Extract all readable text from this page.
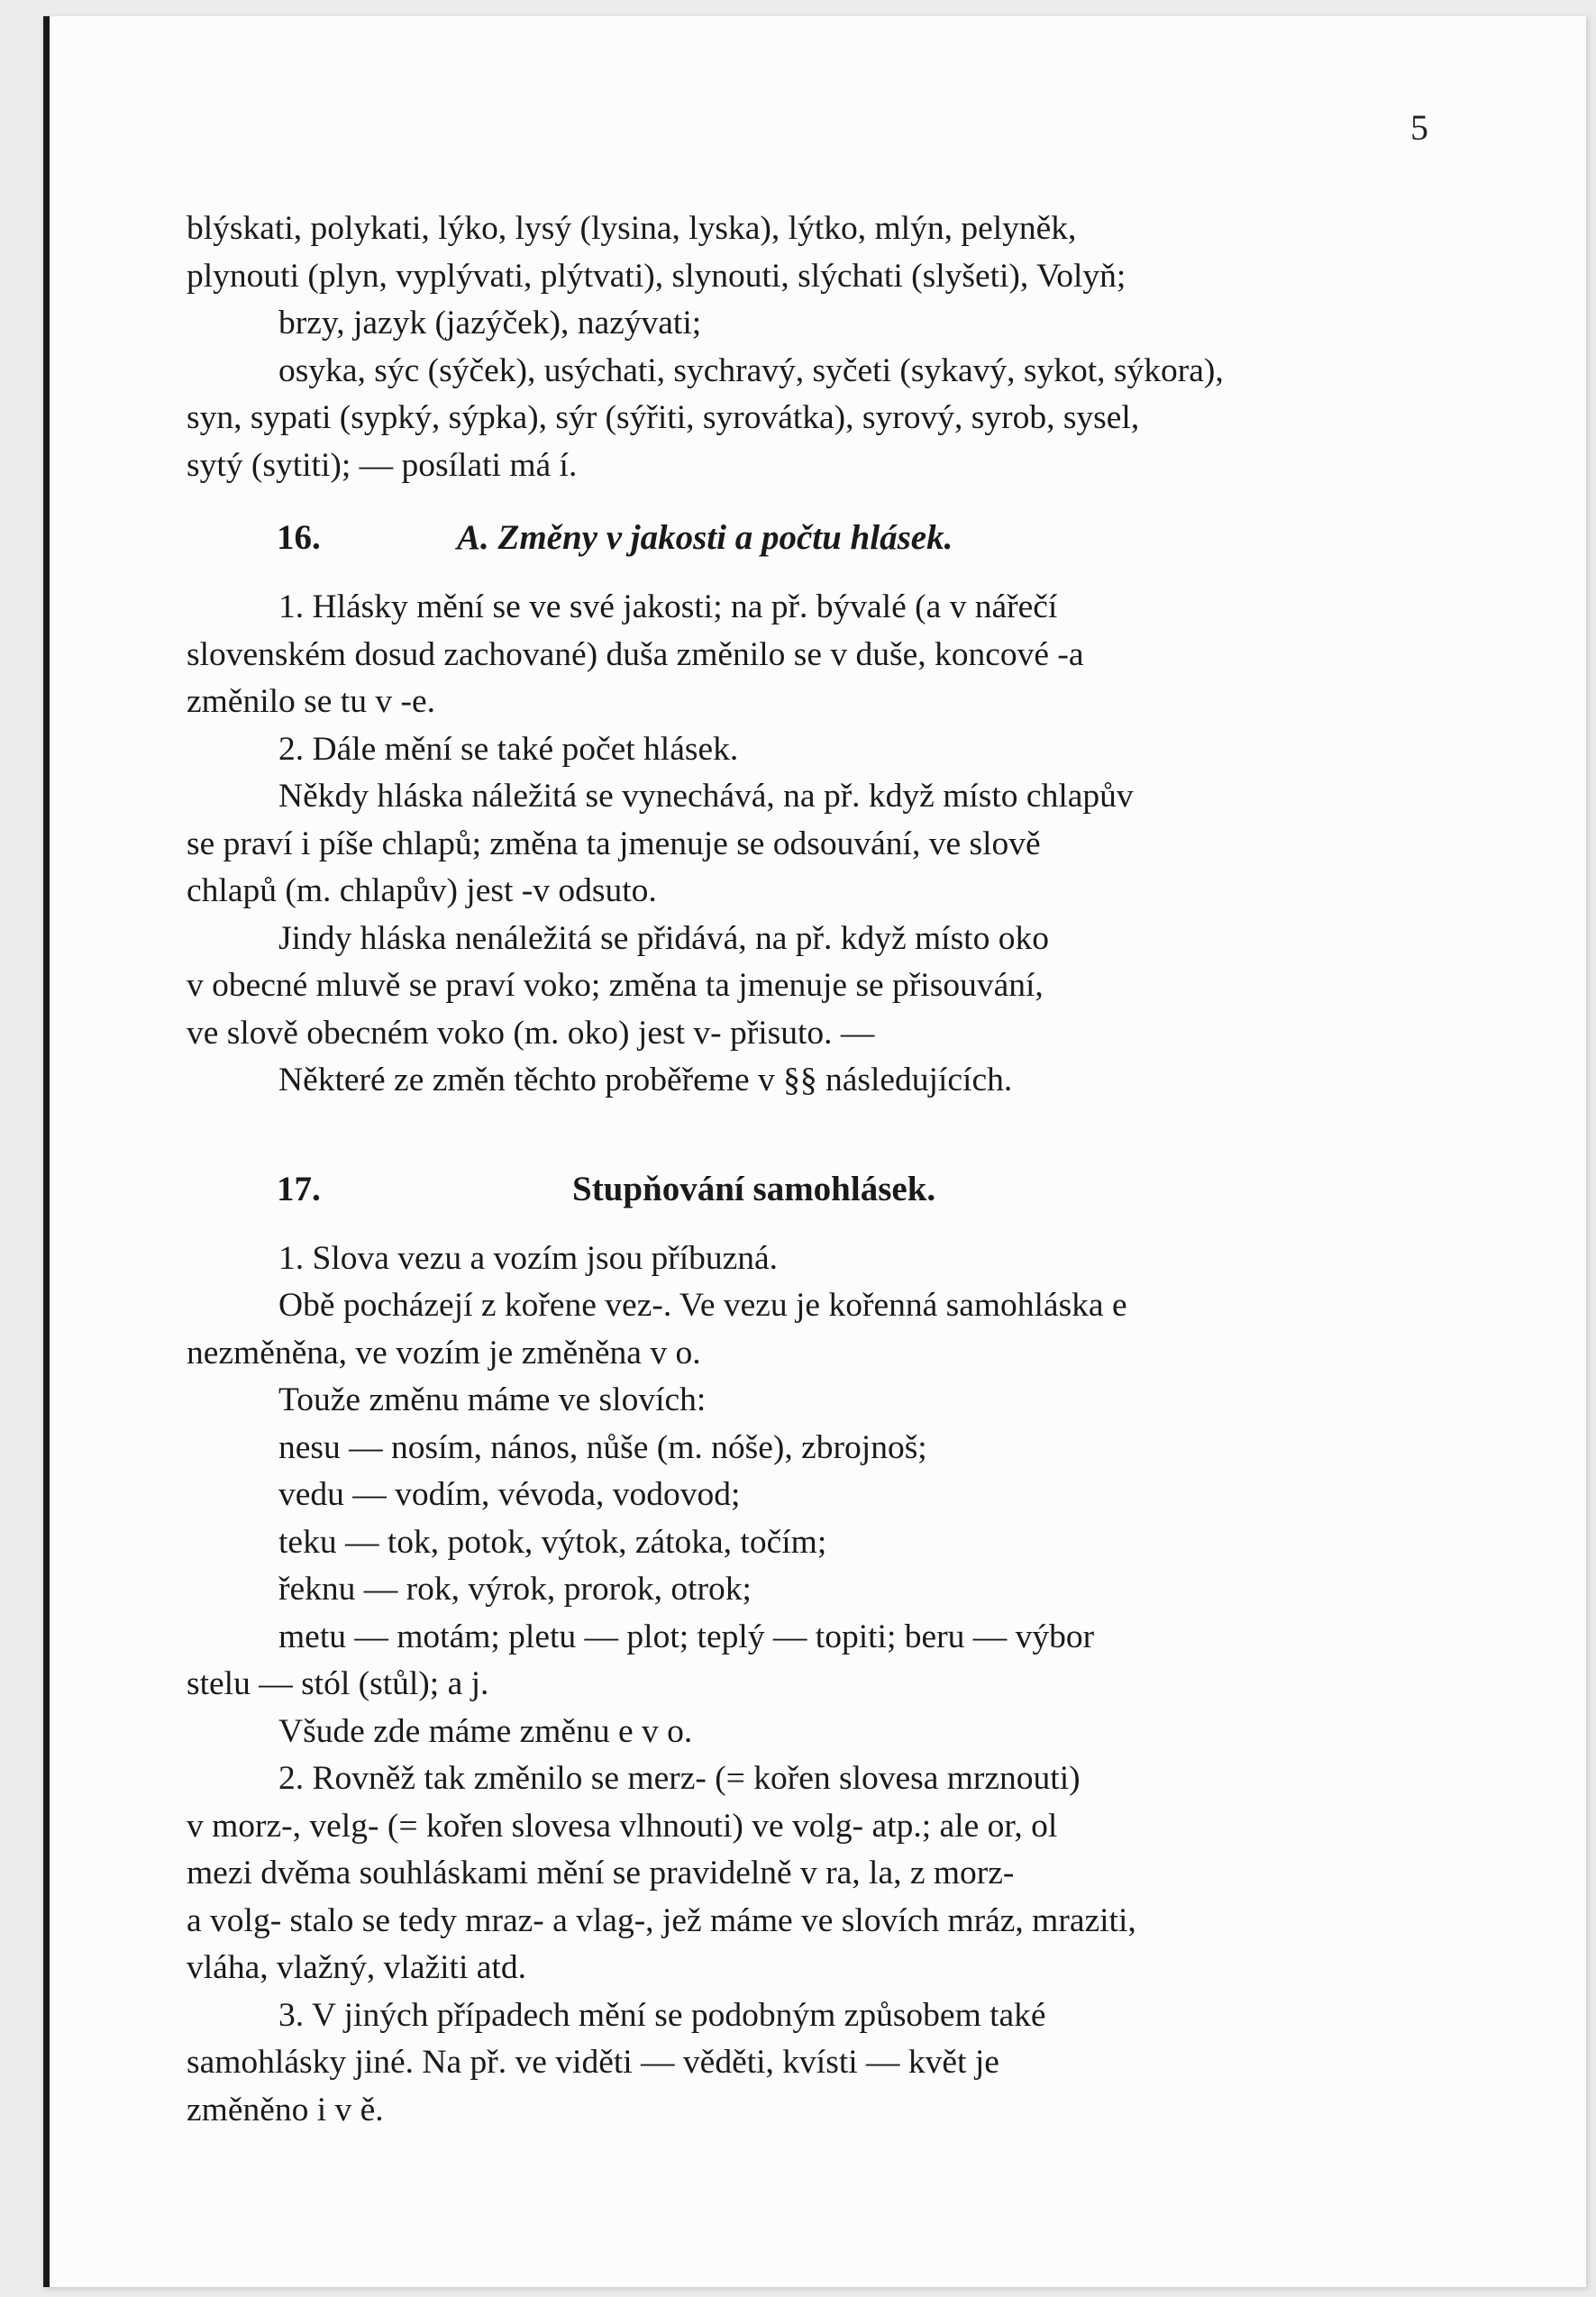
5

blýskati, polykati, lýko, lysý (lysina, lyska), lýtko, mlýn, pelyněk,

plynouti (plyn, vyplývati, plýtvati), slynouti, slýchati (slyšeti), Volyň;

brzy, jazyk (jazýček), nazývati;

osyka, sýc (sýček), usýchati, sychravý, syčeti (sykavý, sykot, sýkora),

syn, sypati (sypký, sýpka), sýr (sýřiti, syrovátka), syrový, syrob, sysel,

sytý (sytiti); — posílati má í.

16.	A. Změny v jakosti a počtu hlásek.

1. Hlásky mění se ve své jakosti; na př. bývalé (a v nářečí

slovenském dosud zachované) duša změnilo se v duše, koncové -a

změnilo se tu v -e.

2. Dále mění se také počet hlásek.

Někdy hláska náležitá se vynechává, na př. když místo chlapův

se praví i píše chlapů; změna ta jmenuje se odsouvání, ve slově

chlapů (m. chlapův) jest -v odsuto.

Jindy hláska nenáležitá se přidává, na př. když místo oko

v obecné mluvě se praví voko; změna ta jmenuje se přisouvání,

ve slově obecném voko (m. oko) jest v- přisuto. —

Některé ze změn těchto proběřeme v §§ následujících.

17.	Stupňování samohlásek.

1. Slova vezu a vozím jsou příbuzná.

Obě pocházejí z kořene vez-. Ve vezu je kořenná samohláska e

nezměněna, ve vozím je změněna v o.

Touže změnu máme ve slovích:

nesu — nosím, nános, nůše (m. nóše), zbrojnoš;

vedu — vodím, vévoda, vodovod;

teku — tok, potok, výtok, zátoka, točím;

řeknu — rok, výrok, prorok, otrok;

metu — motám; pletu — plot; teplý — topiti; beru — výbor

stelu — stól (stůl); a j.

Všude zde máme změnu e v o.

2. Rovněž tak změnilo se merz- (= kořen slovesa mrznouti)

v morz-, velg- (= kořen slovesa vlhnouti) ve volg- atp.; ale or, ol

mezi dvěma souhláskami mění se pravidelně v ra, la, z morz-

a volg- stalo se tedy mraz- a vlag-, jež máme ve slovích mráz, mraziti,

vláha, vlažný, vlažiti atd.

3. V jiných případech mění se podobným způsobem také

samohlásky jiné. Na př. ve viděti — věděti, kvísti — květ je

změněno i v ě.
